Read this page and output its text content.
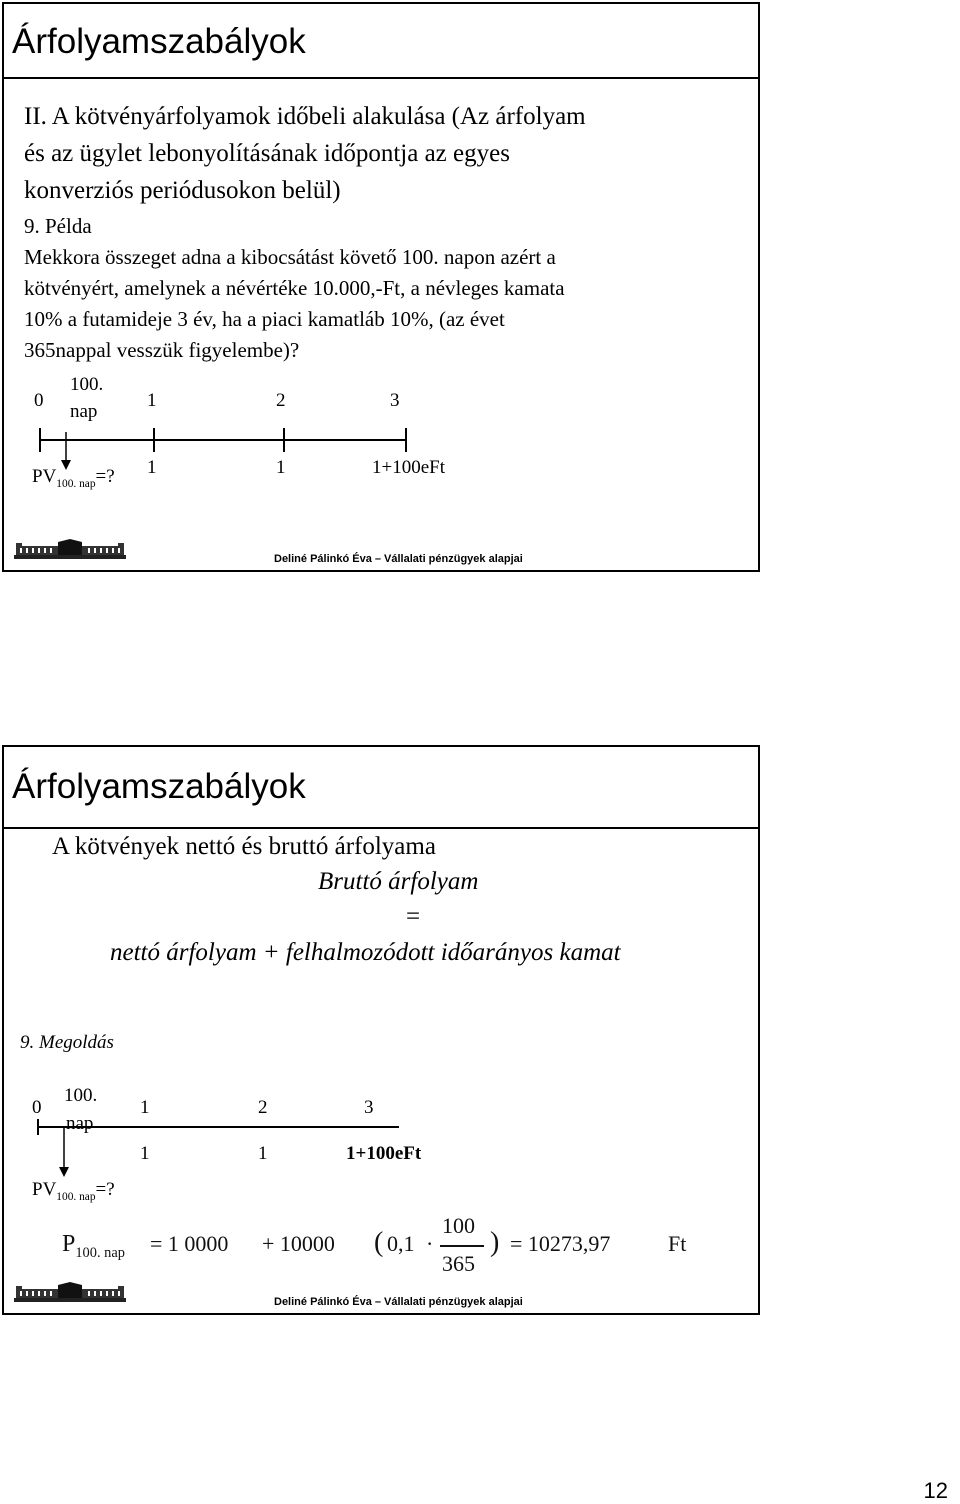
Árfolyamszabályok
II. A kötvényárfolyamok időbeli alakulása (Az árfolyam
és az ügylet lebonyolításának időpontja az egyes
konverziós periódusokon belül)
9. Példa
Mekkora összeget adna a kibocsátást követő 100. napon azért a
kötvényért, amelynek a névértéke 10.000,-Ft, a névleges kamata
10% a futamideje 3 év, ha a piaci kamatláb 10%, (az évet
365nappal vesszük figyelembe)?
0
100.
nap
1	2	3
$PV_{100. nap}=$? 1	1	1+100eFt
Deliné Pálinkó Éva – Vállalati pénzügyek alapjai
Árfolyamszabályok
A kötvények nettó és bruttó árfolyama
Bruttó árfolyam
=
nettó árfolyam + felhalmozódott időarányos kamat
9. Megoldás
0
100.
nap
1	2	3
1	1	1+100eFt
$PV_{100. nap}=$?
$P_{100. nap} = 1$ 0000 + 10000 ( 0,1 ·
100
365
) = 10273,97	Ft
Deliné Pálinkó Éva – Vállalati pénzügyek alapjai
12
